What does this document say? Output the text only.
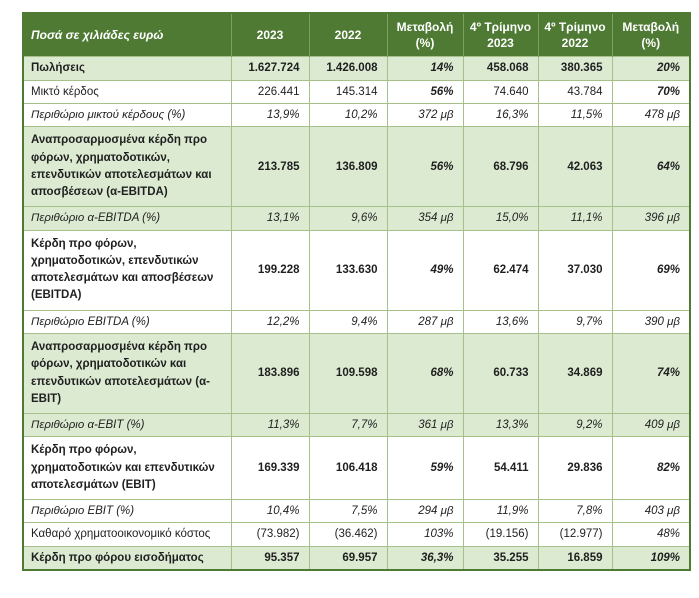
Ποσά σε χιλιάδες ευρώ	2023	2022	Μεταβολή (%)	4º Τρίμηνο 2023	4º Τρίμηνο 2022	Μεταβολή (%)
Πωλήσεις	1.627.724	1.426.008	14%	458.068	380.365	20%
Μικτό κέρδος	226.441	145.314	56%	74.640	43.784	70%
Περιθώριο μικτού κέρδους (%)	13,9%	10,2%	372 μβ	16,3%	11,5%	478 μβ
Αναπροσαρμοσμένα κέρδη προ φόρων, χρηματοδοτικών, επενδυτικών αποτελεσμάτων και αποσβέσεων (α-EBITDA)	213.785	136.809	56%	68.796	42.063	64%
Περιθώριο α-EBITDA (%)	13,1%	9,6%	354 μβ	15,0%	11,1%	396 μβ
Κέρδη προ φόρων, χρηματοδοτικών, επενδυτικών αποτελεσμάτων και αποσβέσεων (EBITDA)	199.228	133.630	49%	62.474	37.030	69%
Περιθώριο EBITDA (%)	12,2%	9,4%	287 μβ	13,6%	9,7%	390 μβ
Αναπροσαρμοσμένα κέρδη προ φόρων, χρηματοδοτικών και επενδυτικών αποτελεσμάτων (α-EBIT)	183.896	109.598	68%	60.733	34.869	74%
Περιθώριο α-EBIT (%)	11,3%	7,7%	361 μβ	13,3%	9,2%	409 μβ
Κέρδη προ φόρων, χρηματοδοτικών και επενδυτικών αποτελεσμάτων (EBIT)	169.339	106.418	59%	54.411	29.836	82%
Περιθώριο EBIT (%)	10,4%	7,5%	294 μβ	11,9%	7,8%	403 μβ
Καθαρό χρηματοοικονομικό κόστος	(73.982)	(36.462)	103%	(19.156)	(12.977)	48%
Κέρδη προ φόρου εισοδήματος	95.357	69.957	36,3%	35.255	16.859	109%
